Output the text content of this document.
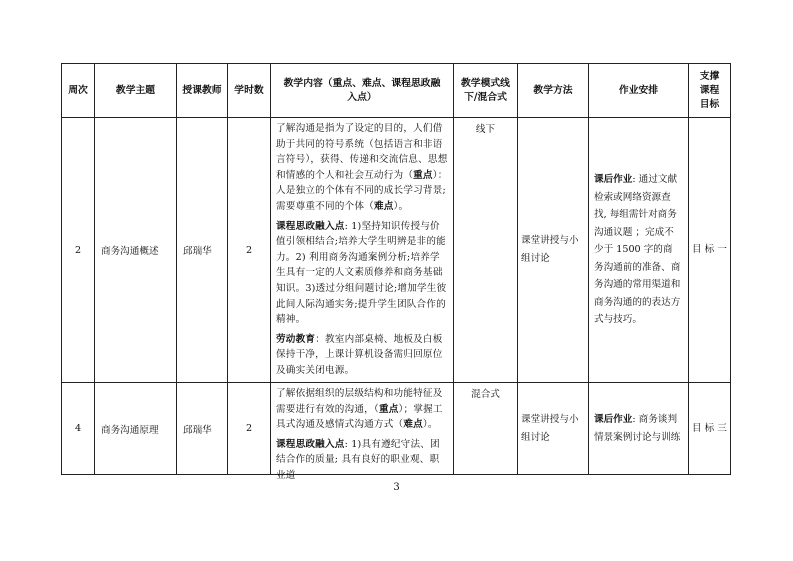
周次	教学主题	授课教师	学时数	教学内容（重点、难点、课程思政融入点）	教学模式线下/混合式	教学方法	作业安排	支撑课程目标
2	商务沟通概述	邱瑞华	2	了解沟通是指为了设定的目的，人们借助于共同的符号系统（包括语言和非语言符号），获得、传递和交流信息、思想和情感的个人和社会互动行为（重点）：人是独立的个体有不同的成长学习背景;需要尊重不同的个体（难点）。

课程思政融入点: 1)坚持知识传授与价值引领相结合;培养大学生明辨是非的能力。2) 利用商务沟通案例分析;培养学生具有一定的人文素质修养和商务基础知识。3)透过分组问题讨论;增加学生彼此间人际沟通实务;提升学生团队合作的精神。

劳动教育：教室内部桌椅、地板及白板保持干净，上课计算机设备需归回原位及确实关闭电源。	线下	课堂讲授与小组讨论	课后作业: 通过文献检索或网络资源查找, 每组需针对商务沟通议题 ；完成不少于 1500 字的商务沟通前的准备、商务沟通的常用渠道和商务沟通的的表达方式与技巧。	目 标 一

4	商务沟通原理	邱瑞华	2	了解依据组织的层级结构和功能特征及需要进行有效的沟通，（重点）；掌握工具式沟通及感情式沟通方式（难点）。

课程思政融入点: 1)具有遵纪守法、团结合作的质量; 具有良好的职业观、职业道	混合式	课堂讲授与小组讨论	课后作业: 商务谈判情景案例讨论与训练	目 标 三
3
